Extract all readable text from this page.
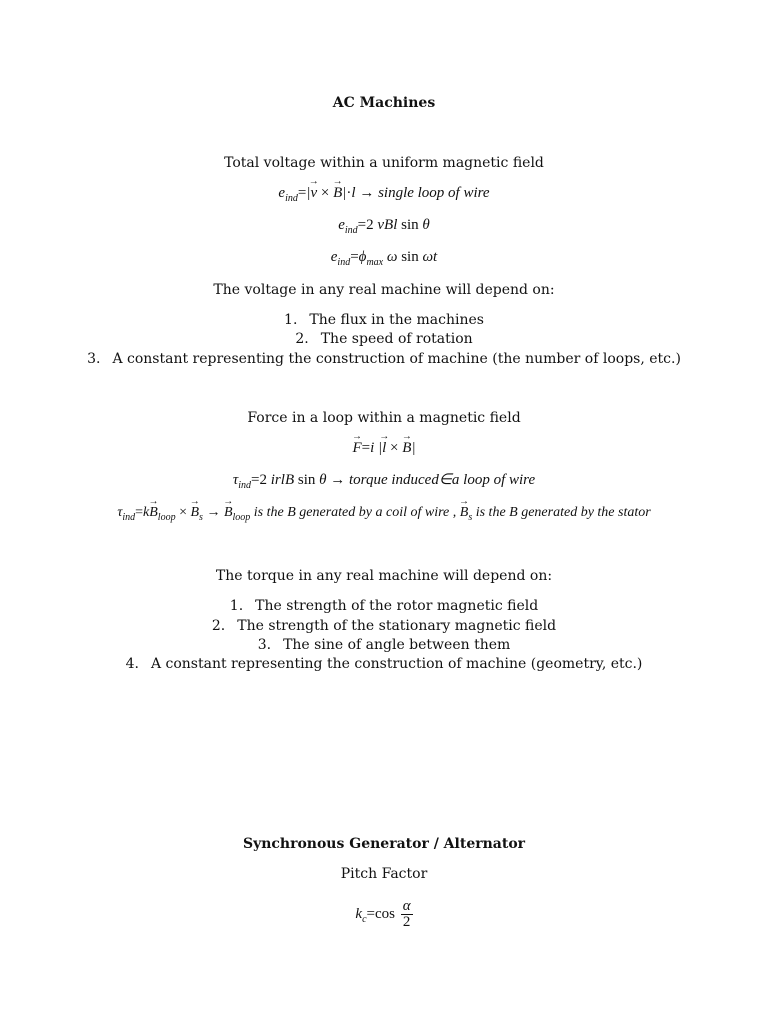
AC Machines
Total voltage within a uniform magnetic field
$e_{ind}=|\to v$ × → B|·l → single loop of wire
$e_{ind}=2$ vBl sin θ
$e_{ind}=\phi_{max}$ ω sin ωt
The voltage in any real machine will depend on:
1. The flux in the machines
2. The speed of rotation
3. A constant representing the construction of machine (the number of loops, etc.)
Force in a loop within a magnetic field
→ F=i |→ l × → B|
$\tau_{ind}=2$ irlB sin θ → torque induced∈a loop of wire
$\tau_{ind}=k\to B_{loop}$ × → $B_s$ → → $B_{loop}$ is the B generated by a coil of wire , → $B_s$ is the B generated by the stator
The torque in any real machine will depend on:
1. The strength of the rotor magnetic field
2. The strength of the stationary magnetic field
3. The sine of angle between them
4. A constant representing the construction of machine (geometry, etc.)
Synchronous Generator / Alternator
Pitch Factor
$k_c=\cos \frac{\alpha}{2}$
